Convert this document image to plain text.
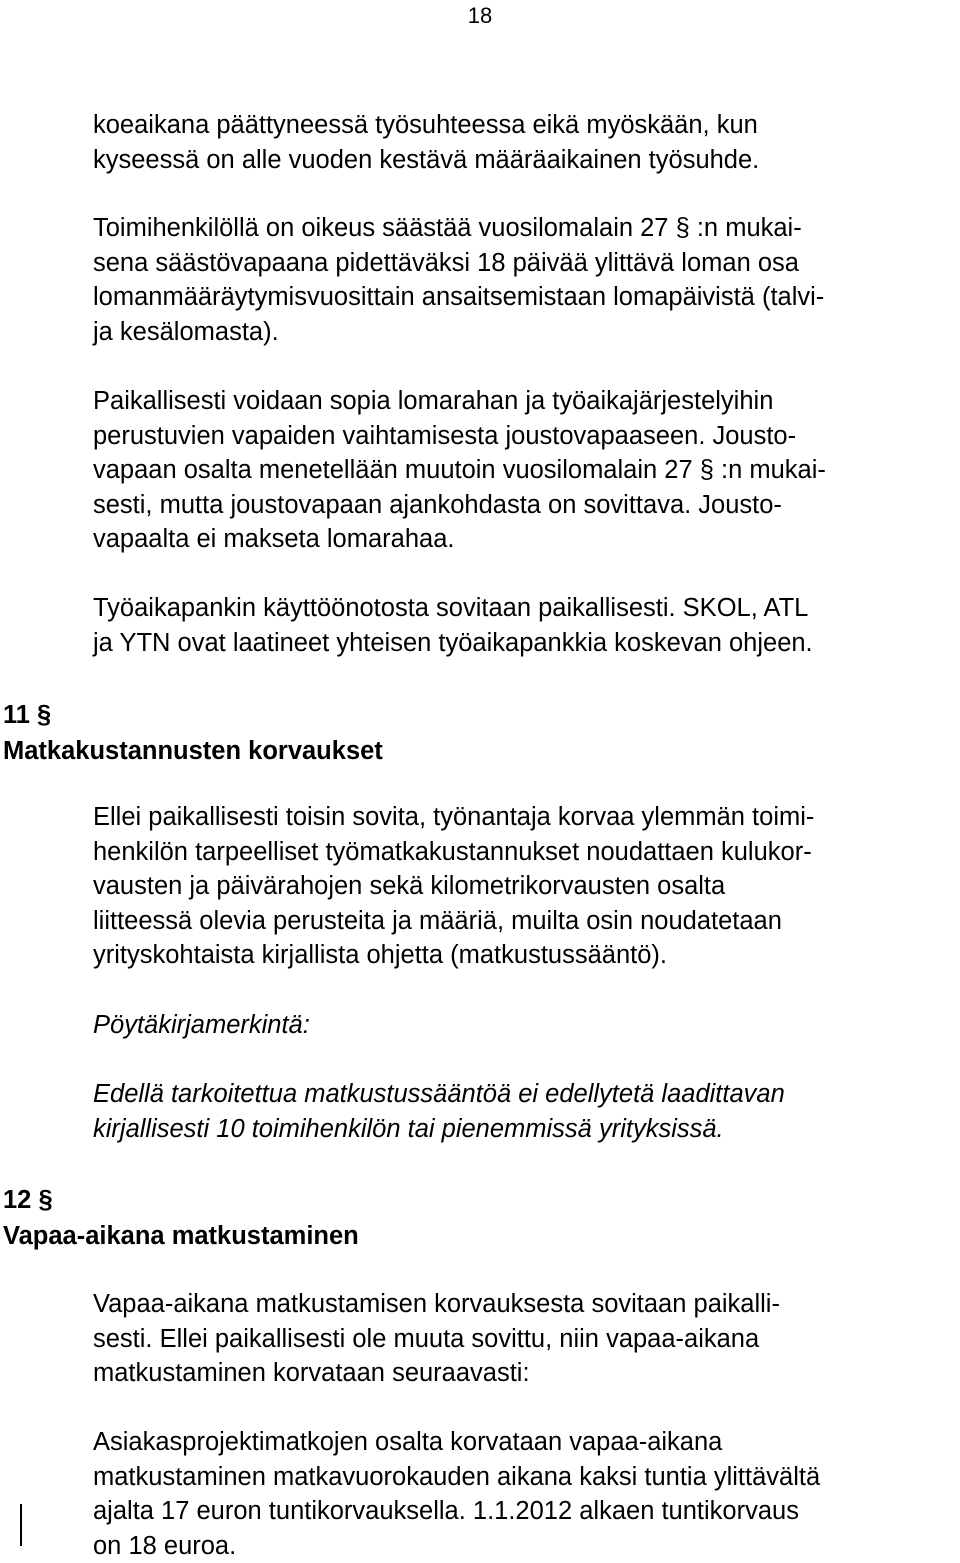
18
koeaikana päättyneessä työsuhteessa eikä myöskään, kun
kyseessä on alle vuoden kestävä määräaikainen työsuhde.
Toimihenkilöllä on oikeus säästää vuosilomalain 27 § :n mukai-
sena säästövapaana pidettäväksi 18 päivää ylittävä loman osa
lomanmääräytymisvuosittain ansaitsemistaan lomapäivistä (talvi-
ja kesälomasta).
Paikallisesti voidaan sopia lomarahan ja työaikajärjestelyihin
perustuvien vapaiden vaihtamisesta joustovapaaseen. Jousto-
vapaan osalta menetellään muutoin vuosilomalain 27 § :n mukai-
sesti, mutta joustovapaan ajankohdasta on sovittava. Jousto-
vapaalta ei makseta lomarahaa.
Työaikapankin käyttöönotosta sovitaan paikallisesti. SKOL, ATL
ja YTN ovat laatineet yhteisen työaikapankkia koskevan ohjeen.
11 §
Matkakustannusten korvaukset
Ellei paikallisesti toisin sovita, työnantaja korvaa ylemmän toimi-
henkilön tarpeelliset työmatkakustannukset noudattaen kulukor-
vausten ja päivärahojen sekä kilometrikorvausten osalta
liitteessä olevia perusteita ja määriä, muilta osin noudatetaan
yrityskohtaista kirjallista ohjetta (matkustussääntö).
Pöytäkirjamerkintä:
Edellä tarkoitettua matkustussääntöä ei edellytetä laadittavan
kirjallisesti 10 toimihenkilön tai pienemmissä yrityksissä.
12 §
Vapaa-aikana matkustaminen
Vapaa-aikana matkustamisen korvauksesta sovitaan paikalli-
sesti. Ellei paikallisesti ole muuta sovittu, niin vapaa-aikana
matkustaminen korvataan seuraavasti:
Asiakasprojektimatkojen osalta korvataan vapaa-aikana
matkustaminen matkavuorokauden aikana kaksi tuntia ylittävältä
ajalta 17 euron tuntikorvauksella. 1.1.2012 alkaen tuntikorvaus
on 18 euroa.
